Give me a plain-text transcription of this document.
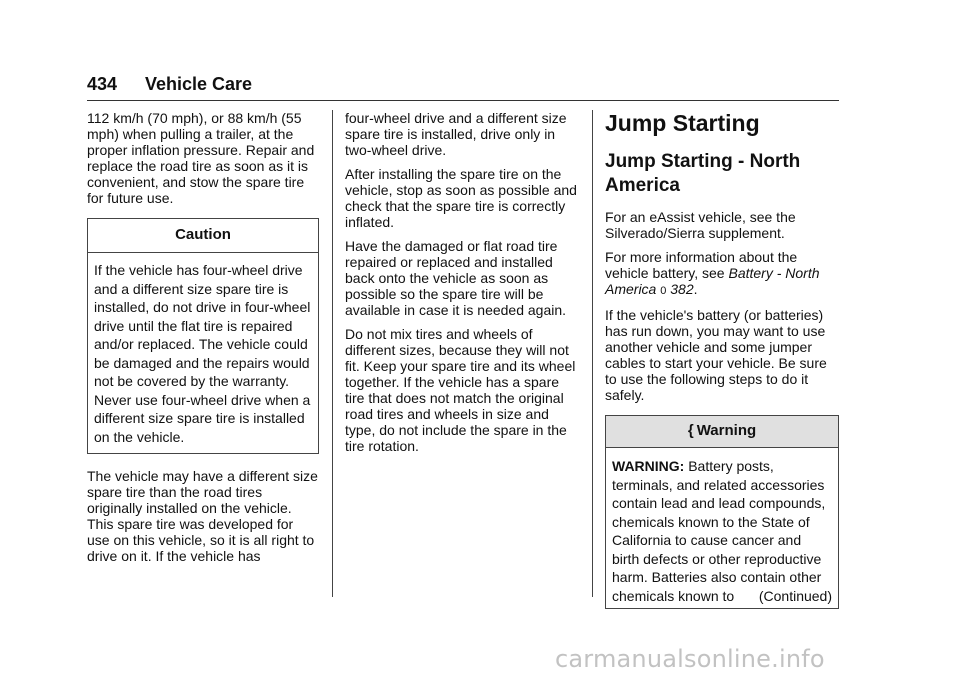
434 Vehicle Care

112 km/h (70 mph), or 88 km/h (55 mph) when pulling a trailer, at the proper inflation pressure. Repair and replace the road tire as soon as it is convenient, and stow the spare tire for future use.

Caution
If the vehicle has four-wheel drive and a different size spare tire is installed, do not drive in four-wheel drive until the flat tire is repaired and/or replaced. The vehicle could be damaged and the repairs would not be covered by the warranty. Never use four-wheel drive when a different size spare tire is installed on the vehicle.

The vehicle may have a different size spare tire than the road tires originally installed on the vehicle. This spare tire was developed for use on this vehicle, so it is all right to drive on it. If the vehicle has

four-wheel drive and a different size spare tire is installed, drive only in two-wheel drive.

After installing the spare tire on the vehicle, stop as soon as possible and check that the spare tire is correctly inflated.

Have the damaged or flat road tire repaired or replaced and installed back onto the vehicle as soon as possible so the spare tire will be available in case it is needed again.

Do not mix tires and wheels of different sizes, because they will not fit. Keep your spare tire and its wheel together. If the vehicle has a spare tire that does not match the original road tires and wheels in size and type, do not include the spare in the tire rotation.

Jump Starting
Jump Starting - North America

For an eAssist vehicle, see the Silverado/Sierra supplement.

For more information about the vehicle battery, see Battery - North America 0 382.

If the vehicle's battery (or batteries) has run down, you may want to use another vehicle and some jumper cables to start your vehicle. Be sure to use the following steps to do it safely.

{ Warning
WARNING: Battery posts, terminals, and related accessories contain lead and lead compounds, chemicals known to the State of California to cause cancer and birth defects or other reproductive harm. Batteries also contain other chemicals known to	(Continued)
carmanualsonline.info
